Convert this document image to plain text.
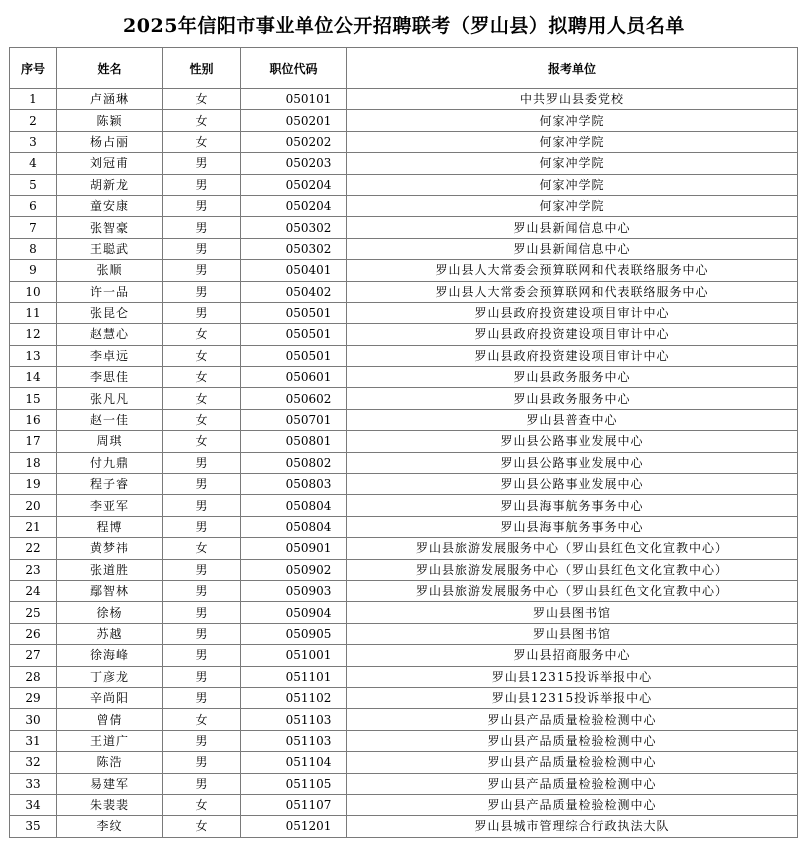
2025年信阳市事业单位公开招聘联考（罗山县）拟聘用人员名单
序号	姓名	性别	职位代码	报考单位
1	卢涵琳	女	050101	中共罗山县委党校
2	陈颖	女	050201	何家冲学院
3	杨占丽	女	050202	何家冲学院
4	刘冠甫	男	050203	何家冲学院
5	胡新龙	男	050204	何家冲学院
6	童安康	男	050204	何家冲学院
7	张智豪	男	050302	罗山县新闻信息中心
8	王聪武	男	050302	罗山县新闻信息中心
9	张顺	男	050401	罗山县人大常委会预算联网和代表联络服务中心
10	许一品	男	050402	罗山县人大常委会预算联网和代表联络服务中心
11	张昆仑	男	050501	罗山县政府投资建设项目审计中心
12	赵慧心	女	050501	罗山县政府投资建设项目审计中心
13	李卓远	女	050501	罗山县政府投资建设项目审计中心
14	李思佳	女	050601	罗山县政务服务中心
15	张凡凡	女	050602	罗山县政务服务中心
16	赵一佳	女	050701	罗山县普查中心
17	周琪	女	050801	罗山县公路事业发展中心
18	付九鼎	男	050802	罗山县公路事业发展中心
19	程子睿	男	050803	罗山县公路事业发展中心
20	李亚军	男	050804	罗山县海事航务事务中心
21	程博	男	050804	罗山县海事航务事务中心
22	黄梦祎	女	050901	罗山县旅游发展服务中心（罗山县红色文化宣教中心）
23	张道胜	男	050902	罗山县旅游发展服务中心（罗山县红色文化宣教中心）
24	鄢智林	男	050903	罗山县旅游发展服务中心（罗山县红色文化宣教中心）
25	徐杨	男	050904	罗山县图书馆
26	苏越	男	050905	罗山县图书馆
27	徐海峰	男	051001	罗山县招商服务中心
28	丁彦龙	男	051101	罗山县12315投诉举报中心
29	辛尚阳	男	051102	罗山县12315投诉举报中心
30	曾倩	女	051103	罗山县产品质量检验检测中心
31	王道广	男	051103	罗山县产品质量检验检测中心
32	陈浩	男	051104	罗山县产品质量检验检测中心
33	易建军	男	051105	罗山县产品质量检验检测中心
34	朱裴裴	女	051107	罗山县产品质量检验检测中心
35	李纹	女	051201	罗山县城市管理综合行政执法大队
